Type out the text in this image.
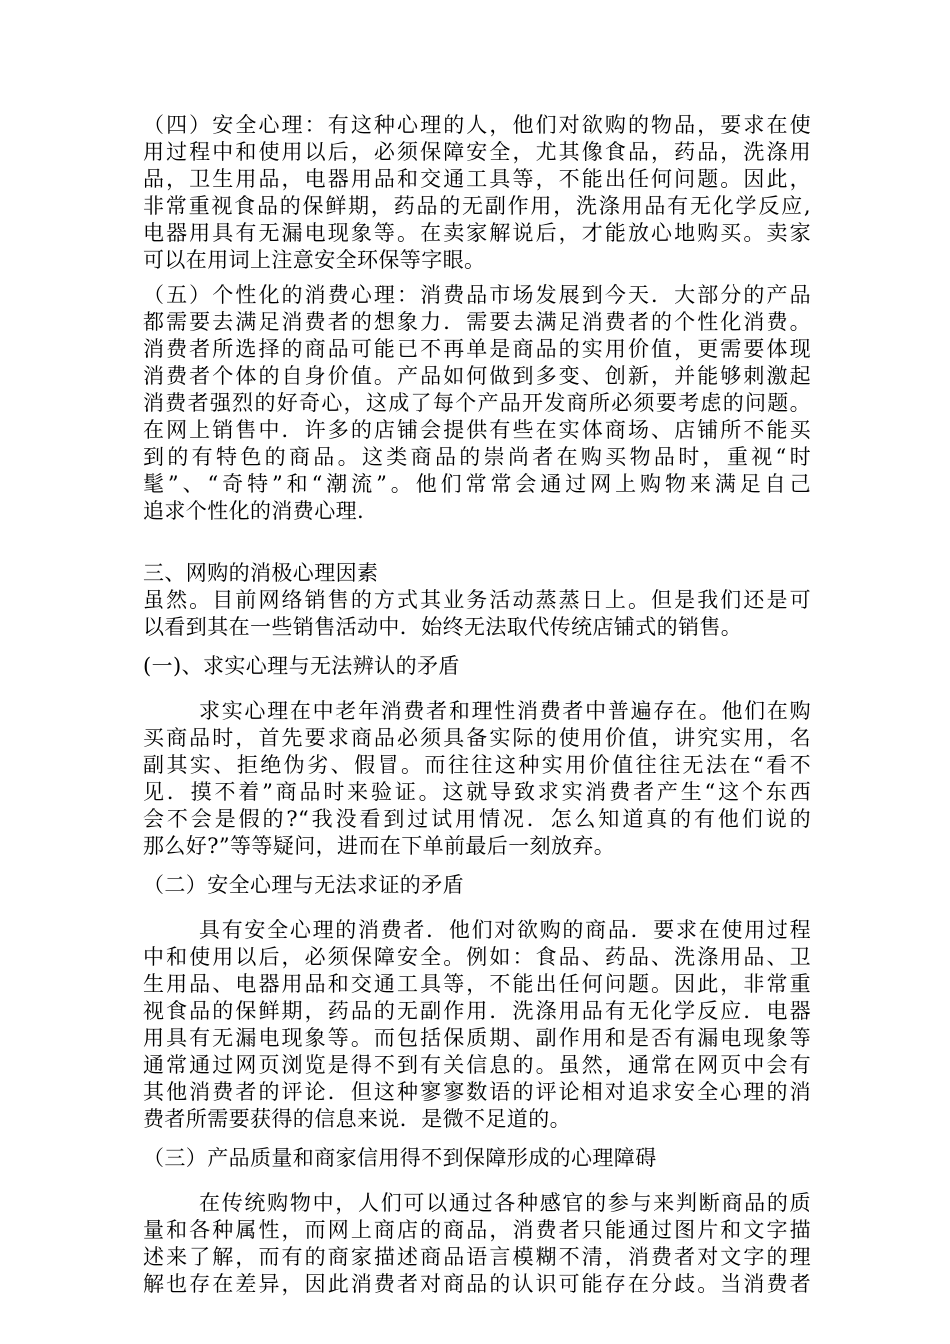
（四）安全心理：有这种心理的人，他们对欲购的物品，要求在使
用过程中和使用以后，必须保障安全，尤其像食品，药品，洗涤用
品，卫生用品，电器用品和交通工具等，不能出任何问题。因此，
非常重视食品的保鲜期，药品的无副作用，洗涤用品有无化学反应,
电器用具有无漏电现象等。在卖家解说后，才能放心地购买。卖家
可以在用词上注意安全环保等字眼。
（五）个性化的消费心理：消费品市场发展到今天．大部分的产品
都需要去满足消费者的想象力．需要去满足消费者的个性化消费。
消费者所选择的商品可能已不再单是商品的实用价值，更需要体现
消费者个体的自身价值。产品如何做到多变、创新，并能够刺激起
消费者强烈的好奇心，这成了每个产品开发商所必须要考虑的问题。
在网上销售中．许多的店铺会提供有些在实体商场、店铺所不能买
到的有特色的商品。这类商品的崇尚者在购买物品时，重视“时
髦”、“奇特”和“潮流”。他们常常会通过网上购物来满足自己
追求个性化的消费心理.
三、网购的消极心理因素
虽然。目前网络销售的方式其业务活动蒸蒸日上。但是我们还是可
以看到其在一些销售活动中．始终无法取代传统店铺式的销售。
(一)、求实心理与无法辨认的矛盾
求实心理在中老年消费者和理性消费者中普遍存在。他们在购
买商品时，首先要求商品必须具备实际的使用价值，讲究实用，名
副其实、拒绝伪劣、假冒。而往往这种实用价值往往无法在“看不
见．摸不着”商品时来验证。这就导致求实消费者产生“这个东西
会不会是假的?“我没看到过试用情况．怎么知道真的有他们说的
那么好?”等等疑问，进而在下单前最后一刻放弃。
（二）安全心理与无法求证的矛盾
具有安全心理的消费者．他们对欲购的商品．要求在使用过程
中和使用以后，必须保障安全。例如：食品、药品、洗涤用品、卫
生用品、电器用品和交通工具等，不能出任何问题。因此，非常重
视食品的保鲜期，药品的无副作用．洗涤用品有无化学反应．电器
用具有无漏电现象等。而包括保质期、副作用和是否有漏电现象等
通常通过网页浏览是得不到有关信息的。虽然，通常在网页中会有
其他消费者的评论．但这种寥寥数语的评论相对追求安全心理的消
费者所需要获得的信息来说．是微不足道的。
（三）产品质量和商家信用得不到保障形成的心理障碍
在传统购物中，人们可以通过各种感官的参与来判断商品的质
量和各种属性，而网上商店的商品，消费者只能通过图片和文字描
述来了解，而有的商家描述商品语言模糊不清，消费者对文字的理
解也存在差异，因此消费者对商品的认识可能存在分歧。当消费者
